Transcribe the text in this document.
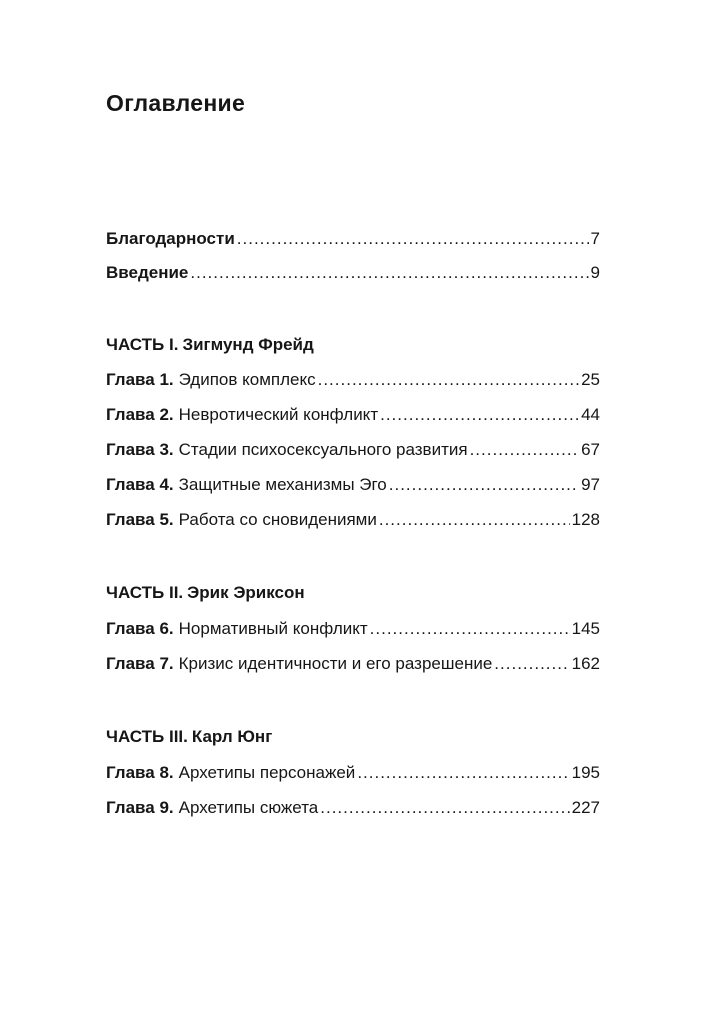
Оглавление
Благодарности .....	7
Введение .....	9
ЧАСТЬ I. Зигмунд Фрейд
Глава 1. Эдипов комплекс .....	25
Глава 2. Невротический конфликт .....	44
Глава 3. Стадии психосексуального развития .....	67
Глава 4. Защитные механизмы Эго .....	97
Глава 5. Работа со сновидениями .....	128
ЧАСТЬ II. Эрик Эриксон
Глава 6. Нормативный конфликт .....	145
Глава 7. Кризис идентичности и его разрешение .....	162
ЧАСТЬ III. Карл Юнг
Глава 8. Архетипы персонажей .....	195
Глава 9. Архетипы сюжета .....	227
